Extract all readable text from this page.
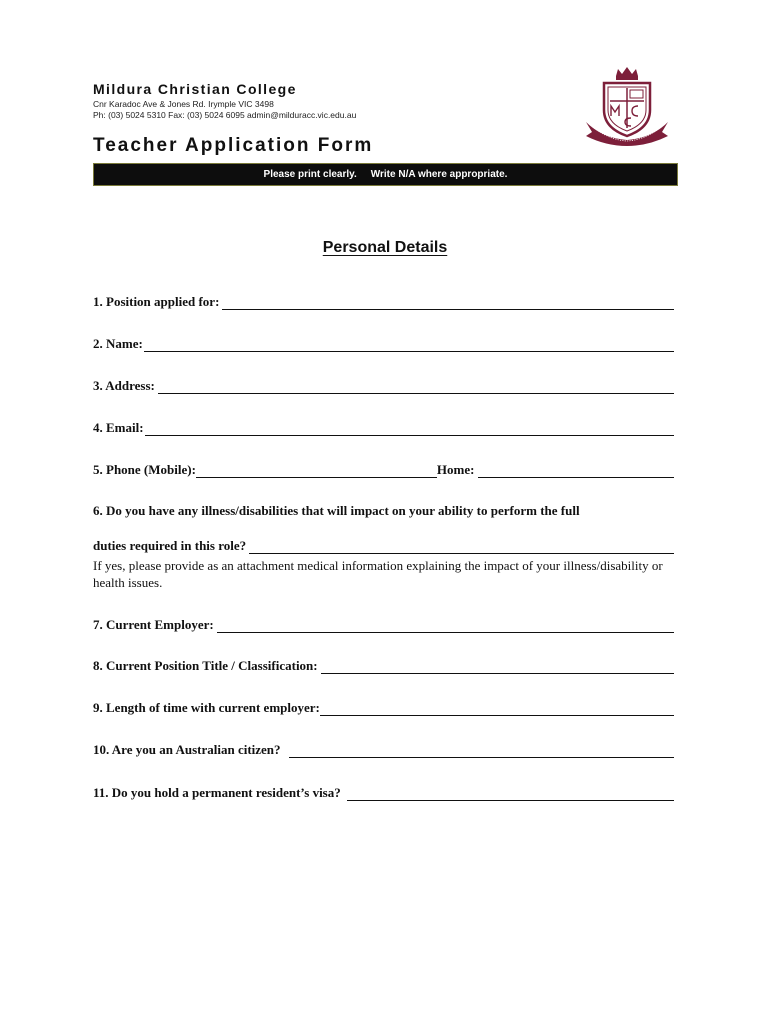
Mildura Christian College

Cnr Karadoc Ave & Jones Rd. Irymple VIC 3498

Ph: (03) 5024 5310 Fax: (03) 5024 6095 admin@milduracc.vic.edu.au

Teacher Application Form

Please print clearly. Write N/A where appropriate.
Personal Details
1. Position applied for:
2. Name:
3. Address:
4. Email:
5. Phone (Mobile):	Home:

6. Do you have any illness/disabilities that will impact on your ability to perform the full

duties required in this role?

If yes, please provide as an attachment medical information explaining the impact of your illness/disability or health issues.

7. Current Employer:
8. Current Position Title / Classification:
9. Length of time with current employer:
10. Are you an Australian citizen?
11. Do you hold a permanent resident’s visa?
